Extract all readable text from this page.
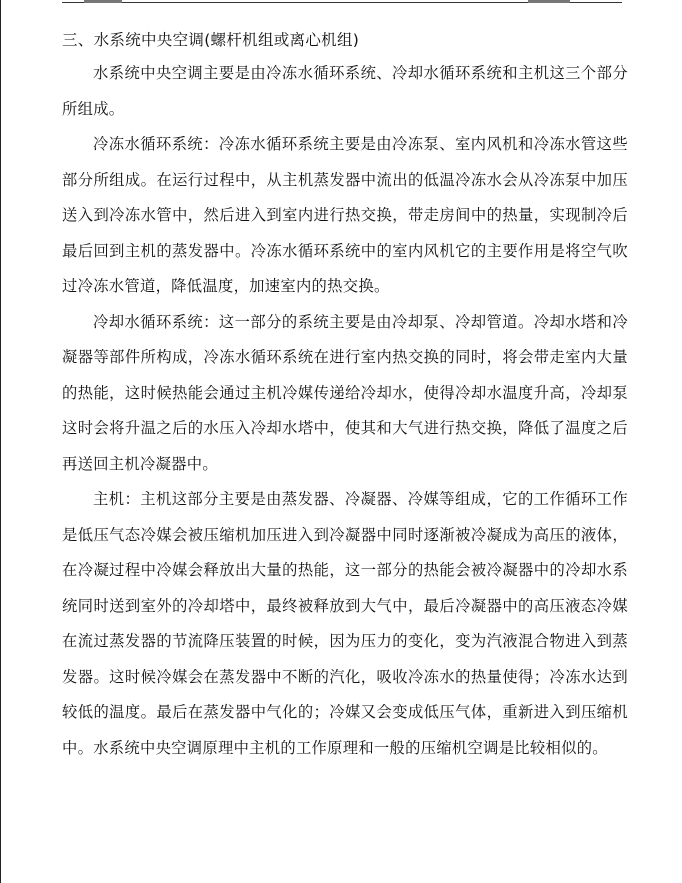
三、水系统中央空调(螺杆机组或离心机组)

水系统中央空调主要是由冷冻水循环系统、冷却水循环系统和主机这三个部分所组成。

冷冻水循环系统：冷冻水循环系统主要是由冷冻泵、室内风机和冷冻水管这些部分所组成。在运行过程中，从主机蒸发器中流出的低温冷冻水会从冷冻泵中加压送入到冷冻水管中，然后进入到室内进行热交换，带走房间中的热量，实现制冷后最后回到主机的蒸发器中。冷冻水循环系统中的室内风机它的主要作用是将空气吹过冷冻水管道，降低温度，加速室内的热交换。

冷却水循环系统：这一部分的系统主要是由冷却泵、冷却管道。冷却水塔和冷凝器等部件所构成，冷冻水循环系统在进行室内热交换的同时，将会带走室内大量的热能，这时候热能会通过主机冷媒传递给冷却水，使得冷却水温度升高，冷却泵这时会将升温之后的水压入冷却水塔中，使其和大气进行热交换，降低了温度之后再送回主机冷凝器中。

主机：主机这部分主要是由蒸发器、冷凝器、冷媒等组成，它的工作循环工作是低压气态冷媒会被压缩机加压进入到冷凝器中同时逐渐被冷凝成为高压的液体，在冷凝过程中冷媒会释放出大量的热能，这一部分的热能会被冷凝器中的冷却水系统同时送到室外的冷却塔中，最终被释放到大气中，最后冷凝器中的高压液态冷媒在流过蒸发器的节流降压装置的时候，因为压力的变化，变为汽液混合物进入到蒸发器。这时候冷媒会在蒸发器中不断的汽化，吸收冷冻水的热量使得；冷冻水达到较低的温度。最后在蒸发器中气化的；冷媒又会变成低压气体，重新进入到压缩机中。水系统中央空调原理中主机的工作原理和一般的压缩机空调是比较相似的。
